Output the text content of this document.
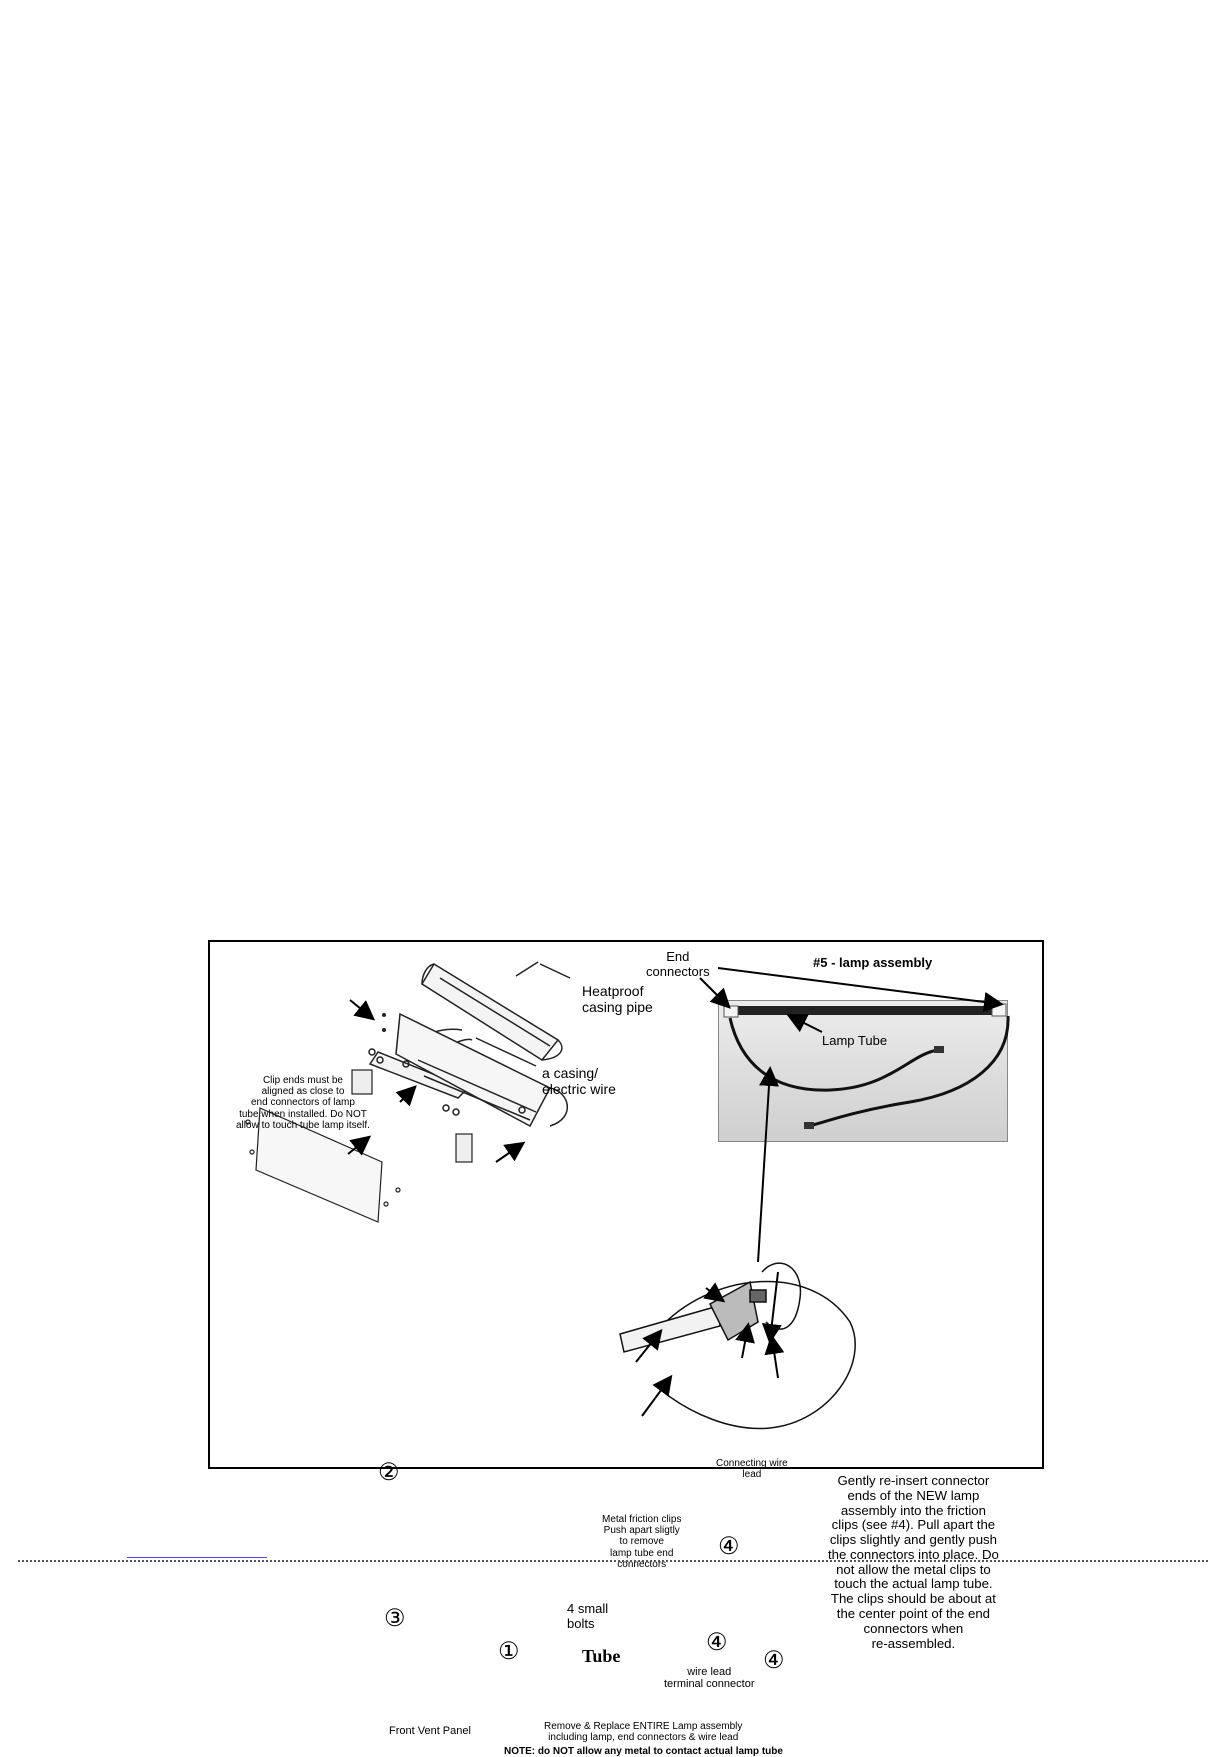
End
connectors
#5 - lamp assembly
Lamp Tube
Heatproof
casing pipe
a casing/
electric wire
Clip ends must be
aligned as close to
end connectors of lamp
tube when installed. Do NOT
allow to touch tube lamp itself.
Connecting wire
lead	Gently re-insert connector
ends of the NEW lamp
assembly into the friction
clips (see #4). Pull apart the
clips slightly and gently push
the connectors into place. Do
not allow the metal clips to
touch the actual lamp tube.
The clips should be about at
the center point of the end
connectors when
re-assembled.
Metal friction clips
Push apart sligtly
to remove
lamp tube end
connectors
4 small
bolts
Tube
wire lead
terminal connector
Front Vent Panel	Remove & Replace ENTIRE Lamp assembly
including lamp, end connectors & wire lead
NOTE: do NOT allow any metal to contact actual lamp tube
②
③
①
④
④
④
